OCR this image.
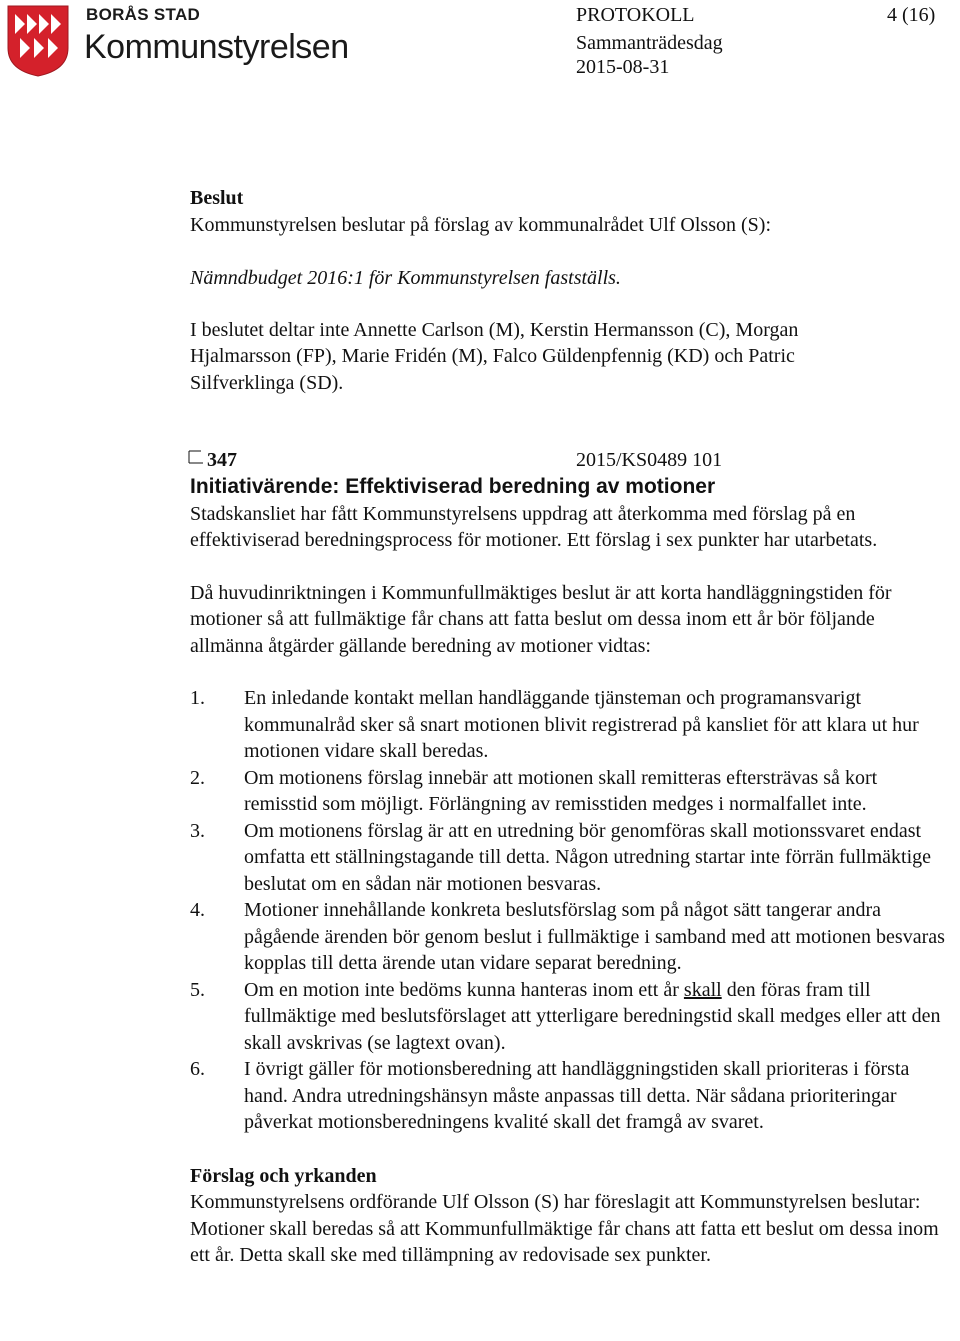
BORÅS STAD
Kommunstyrelsen
PROTOKOLL	4 (16)
Sammanträdesdag
2015-08-31

Beslut

Kommunstyrelsen beslutar på förslag av kommunalrådet Ulf Olsson (S):

Nämndbudget 2016:1 för Kommunstyrelsen fastställs.

I beslutet deltar inte Annette Carlson (M), Kerstin Hermansson (C), Morgan Hjalmarsson (FP), Marie Fridén (M), Falco Güldenpfennig (KD) och Patric Silfverklinga (SD).

347	2015/KS0489 101

Initiativärende: Effektiviserad beredning av motioner

Stadskansliet har fått Kommunstyrelsens uppdrag att återkomma med förslag på en effektiviserad beredningsprocess för motioner. Ett förslag i sex punkter har utarbetats.

Då huvudinriktningen i Kommunfullmäktiges beslut är att korta handläggningstiden för motioner så att fullmäktige får chans att fatta beslut om dessa inom ett år bör följande allmänna åtgärder gällande beredning av motioner vidtas:

1. En inledande kontakt mellan handläggande tjänsteman och programansvarigt kommunalråd sker så snart motionen blivit registrerad på kansliet för att klara ut hur motionen vidare skall beredas.
2. Om motionens förslag innebär att motionen skall remitteras eftersträvas så kort remisstid som möjligt. Förlängning av remisstiden medges i normalfallet inte.
3. Om motionens förslag är att en utredning bör genomföras skall motionssvaret endast omfatta ett ställningstagande till detta. Någon utredning startar inte förrän fullmäktige beslutat om en sådan när motionen besvaras.
4. Motioner innehållande konkreta beslutsförslag som på något sätt tangerar andra pågående ärenden bör genom beslut i fullmäktige i samband med att motionen besvaras kopplas till detta ärende utan vidare separat beredning.
5. Om en motion inte bedöms kunna hanteras inom ett år skall den föras fram till fullmäktige med beslutsförslaget att ytterligare beredningstid skall medges eller att den skall avskrivas (se lagtext ovan).
6. I övrigt gäller för motionsberedning att handläggningstiden skall prioriteras i första hand. Andra utredningshänsyn måste anpassas till detta. När sådana prioriteringar påverkat motionsberedningens kvalité skall det framgå av svaret.

Förslag och yrkanden

Kommunstyrelsens ordförande Ulf Olsson (S) har föreslagit att Kommunstyrelsen beslutar: Motioner skall beredas så att Kommunfullmäktige får chans att fatta ett beslut om dessa inom ett år. Detta skall ske med tillämpning av redovisade sex punkter.
